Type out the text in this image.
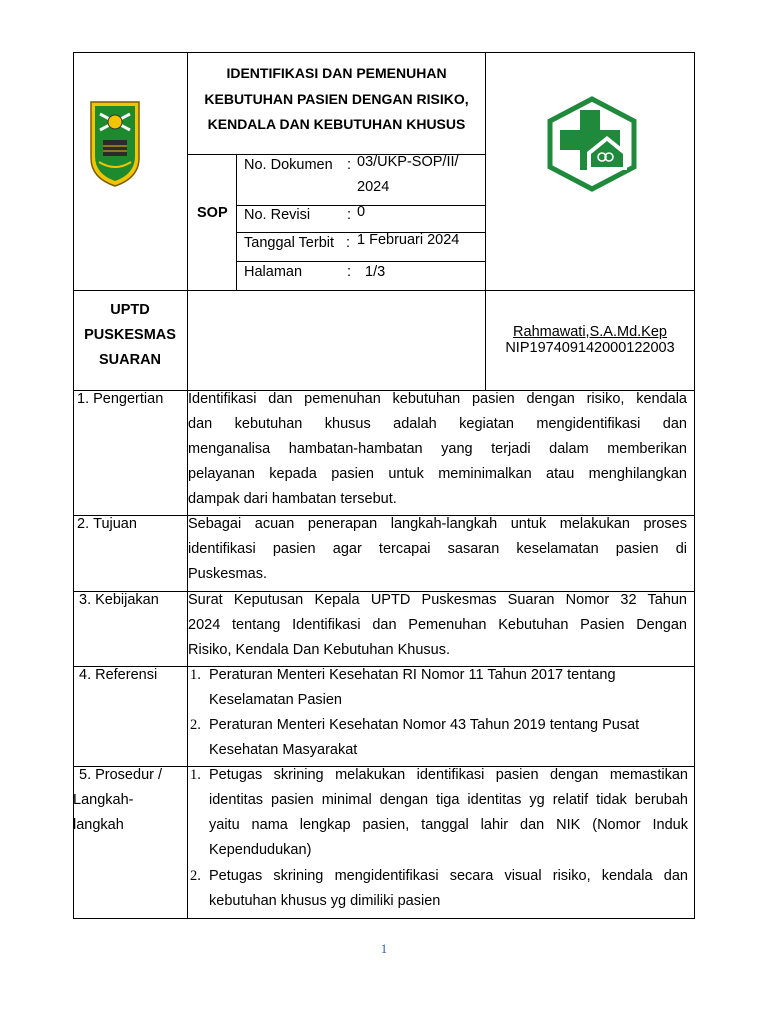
IDENTIFIKASI DAN PEMENUHAN
KEBUTUHAN PASIEN DENGAN RISIKO,
KENDALA DAN KEBUTUHAN KHUSUS
SOP
No. Dokumen : 03/UKP-SOP/II/
2024
No. Revisi	: 0
Tanggal Terbit : 1 Februari 2024
Halaman	: 1/3
UPTD
PUSKESMAS
SUARAN
Rahmawati,S.A.Md.Kep
NIP197409142000122003
1. Pengertian Identifikasi dan pemenuhan kebutuhan pasien dengan risiko, kendala
dan kebutuhan khusus adalah kegiatan mengidentifikasi dan
menganalisa hambatan-hambatan yang terjadi dalam memberikan
pelayanan kepada pasien untuk meminimalkan atau menghilangkan
dampak dari hambatan tersebut.
2. Tujuan	Sebagai acuan penerapan langkah-langkah untuk melakukan proses
identifikasi pasien agar tercapai sasaran keselamatan pasien di
Puskesmas.
3. Kebijakan Surat Keputusan Kepala UPTD Puskesmas Suaran Nomor 32 Tahun
2024 tentang Identifikasi dan Pemenuhan Kebutuhan Pasien Dengan
Risiko, Kendala Dan Kebutuhan Khusus.
4. Referensi 1. Peraturan Menteri Kesehatan RI Nomor 11 Tahun 2017 tentang
Keselamatan Pasien
2. Peraturan Menteri Kesehatan Nomor 43 Tahun 2019 tentang Pusat
Kesehatan Masyarakat
5. Prosedur /
Langkah-
langkah
1. Petugas skrining melakukan identifikasi pasien dengan memastikan
identitas pasien minimal dengan tiga identitas yg relatif tidak berubah
yaitu nama lengkap pasien, tanggal lahir dan NIK (Nomor Induk
Kependudukan)
2. Petugas skrining mengidentifikasi secara visual risiko, kendala dan
kebutuhan khusus yg dimiliki pasien
1
